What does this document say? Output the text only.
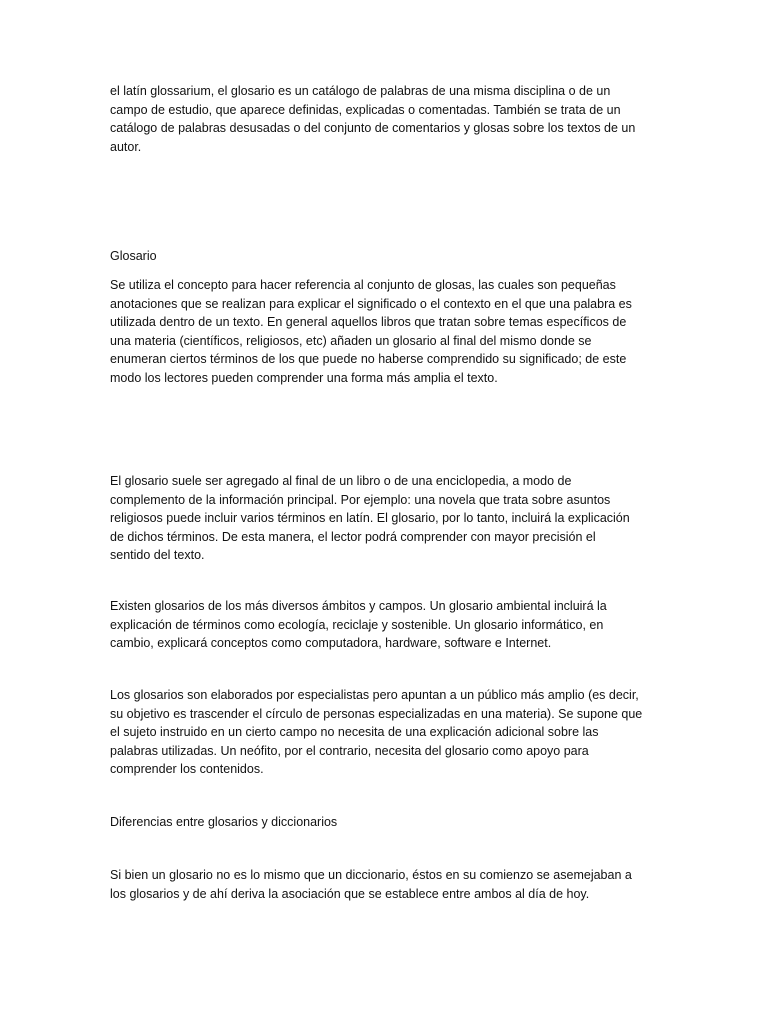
el latín glossarium, el glosario es un catálogo de palabras de una misma disciplina o de un
campo de estudio, que aparece definidas, explicadas o comentadas. También se trata de un
catálogo de palabras desusadas o del conjunto de comentarios y glosas sobre los textos de un
autor.

Glosario

Se utiliza el concepto para hacer referencia al conjunto de glosas, las cuales son pequeñas
anotaciones que se realizan para explicar el significado o el contexto en el que una palabra es
utilizada dentro de un texto. En general aquellos libros que tratan sobre temas específicos de
una materia (científicos, religiosos, etc) añaden un glosario al final del mismo donde se
enumeran ciertos términos de los que puede no haberse comprendido su significado; de este
modo los lectores pueden comprender una forma más amplia el texto.

El glosario suele ser agregado al final de un libro o de una enciclopedia, a modo de
complemento de la información principal. Por ejemplo: una novela que trata sobre asuntos
religiosos puede incluir varios términos en latín. El glosario, por lo tanto, incluirá la explicación
de dichos términos. De esta manera, el lector podrá comprender con mayor precisión el
sentido del texto.

Existen glosarios de los más diversos ámbitos y campos. Un glosario ambiental incluirá la
explicación de términos como ecología, reciclaje y sostenible. Un glosario informático, en
cambio, explicará conceptos como computadora, hardware, software e Internet.

Los glosarios son elaborados por especialistas pero apuntan a un público más amplio (es decir,
su objetivo es trascender el círculo de personas especializadas en una materia). Se supone que
el sujeto instruido en un cierto campo no necesita de una explicación adicional sobre las
palabras utilizadas. Un neófito, por el contrario, necesita del glosario como apoyo para
comprender los contenidos.

Diferencias entre glosarios y diccionarios

Si bien un glosario no es lo mismo que un diccionario, éstos en su comienzo se asemejaban a
los glosarios y de ahí deriva la asociación que se establece entre ambos al día de hoy.
